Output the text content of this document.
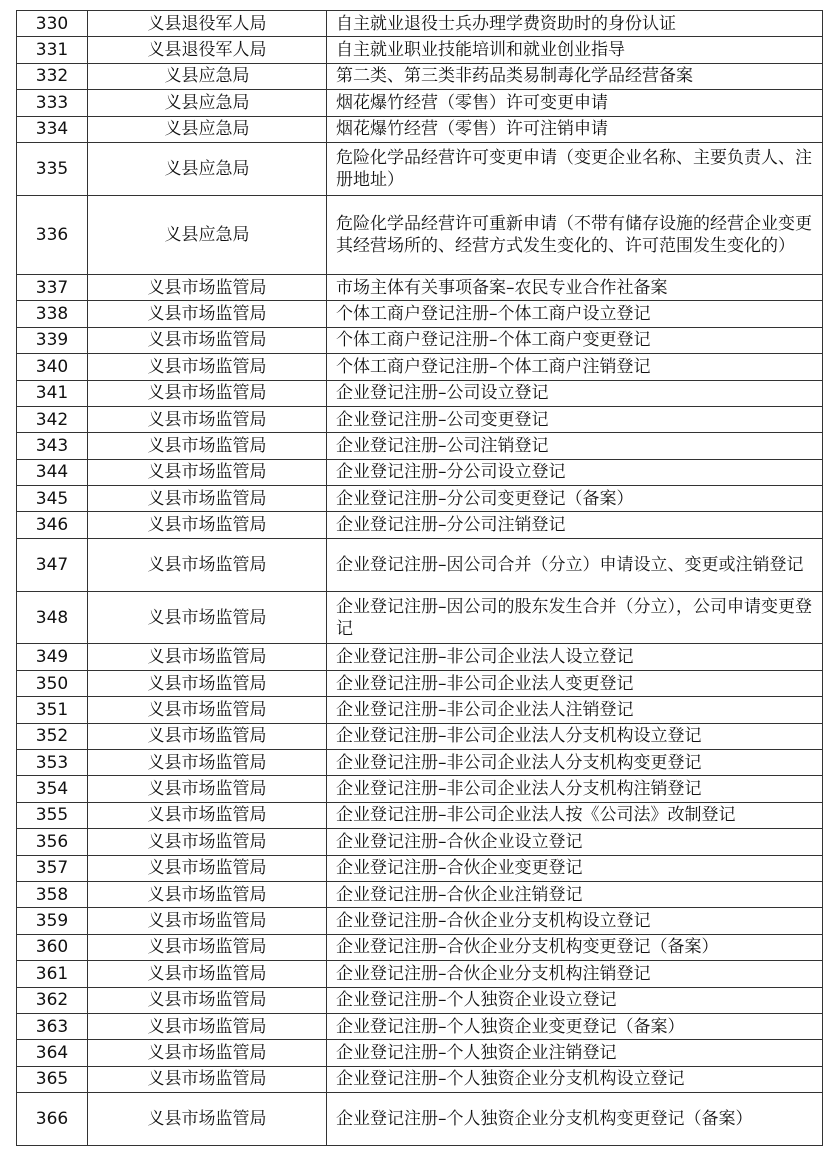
330	义县退役军人局	自主就业退役士兵办理学费资助时的身份认证
331	义县退役军人局	自主就业职业技能培训和就业创业指导
332	义县应急局	第二类、第三类非药品类易制毒化学品经营备案
333	义县应急局	烟花爆竹经营（零售）许可变更申请
334	义县应急局	烟花爆竹经营（零售）许可注销申请
335	义县应急局	危险化学品经营许可变更申请（变更企业名称、主要负责人、注册地址）
336	义县应急局	危险化学品经营许可重新申请（不带有储存设施的经营企业变更其经营场所的、经营方式发生变化的、许可范围发生变化的）
337	义县市场监管局	市场主体有关事项备案–农民专业合作社备案
338	义县市场监管局	个体工商户登记注册–个体工商户设立登记
339	义县市场监管局	个体工商户登记注册–个体工商户变更登记
340	义县市场监管局	个体工商户登记注册–个体工商户注销登记
341	义县市场监管局	企业登记注册–公司设立登记
342	义县市场监管局	企业登记注册–公司变更登记
343	义县市场监管局	企业登记注册–公司注销登记
344	义县市场监管局	企业登记注册–分公司设立登记
345	义县市场监管局	企业登记注册–分公司变更登记（备案）
346	义县市场监管局	企业登记注册–分公司注销登记
347	义县市场监管局	企业登记注册–因公司合并（分立）申请设立、变更或注销登记
348	义县市场监管局	企业登记注册–因公司的股东发生合并（分立），公司申请变更登记
349	义县市场监管局	企业登记注册–非公司企业法人设立登记
350	义县市场监管局	企业登记注册–非公司企业法人变更登记
351	义县市场监管局	企业登记注册–非公司企业法人注销登记
352	义县市场监管局	企业登记注册–非公司企业法人分支机构设立登记
353	义县市场监管局	企业登记注册–非公司企业法人分支机构变更登记
354	义县市场监管局	企业登记注册–非公司企业法人分支机构注销登记
355	义县市场监管局	企业登记注册–非公司企业法人按《公司法》改制登记
356	义县市场监管局	企业登记注册–合伙企业设立登记
357	义县市场监管局	企业登记注册–合伙企业变更登记
358	义县市场监管局	企业登记注册–合伙企业注销登记
359	义县市场监管局	企业登记注册–合伙企业分支机构设立登记
360	义县市场监管局	企业登记注册–合伙企业分支机构变更登记（备案）
361	义县市场监管局	企业登记注册–合伙企业分支机构注销登记
362	义县市场监管局	企业登记注册–个人独资企业设立登记
363	义县市场监管局	企业登记注册–个人独资企业变更登记（备案）
364	义县市场监管局	企业登记注册–个人独资企业注销登记
365	义县市场监管局	企业登记注册–个人独资企业分支机构设立登记
366	义县市场监管局	企业登记注册–个人独资企业分支机构变更登记（备案）
